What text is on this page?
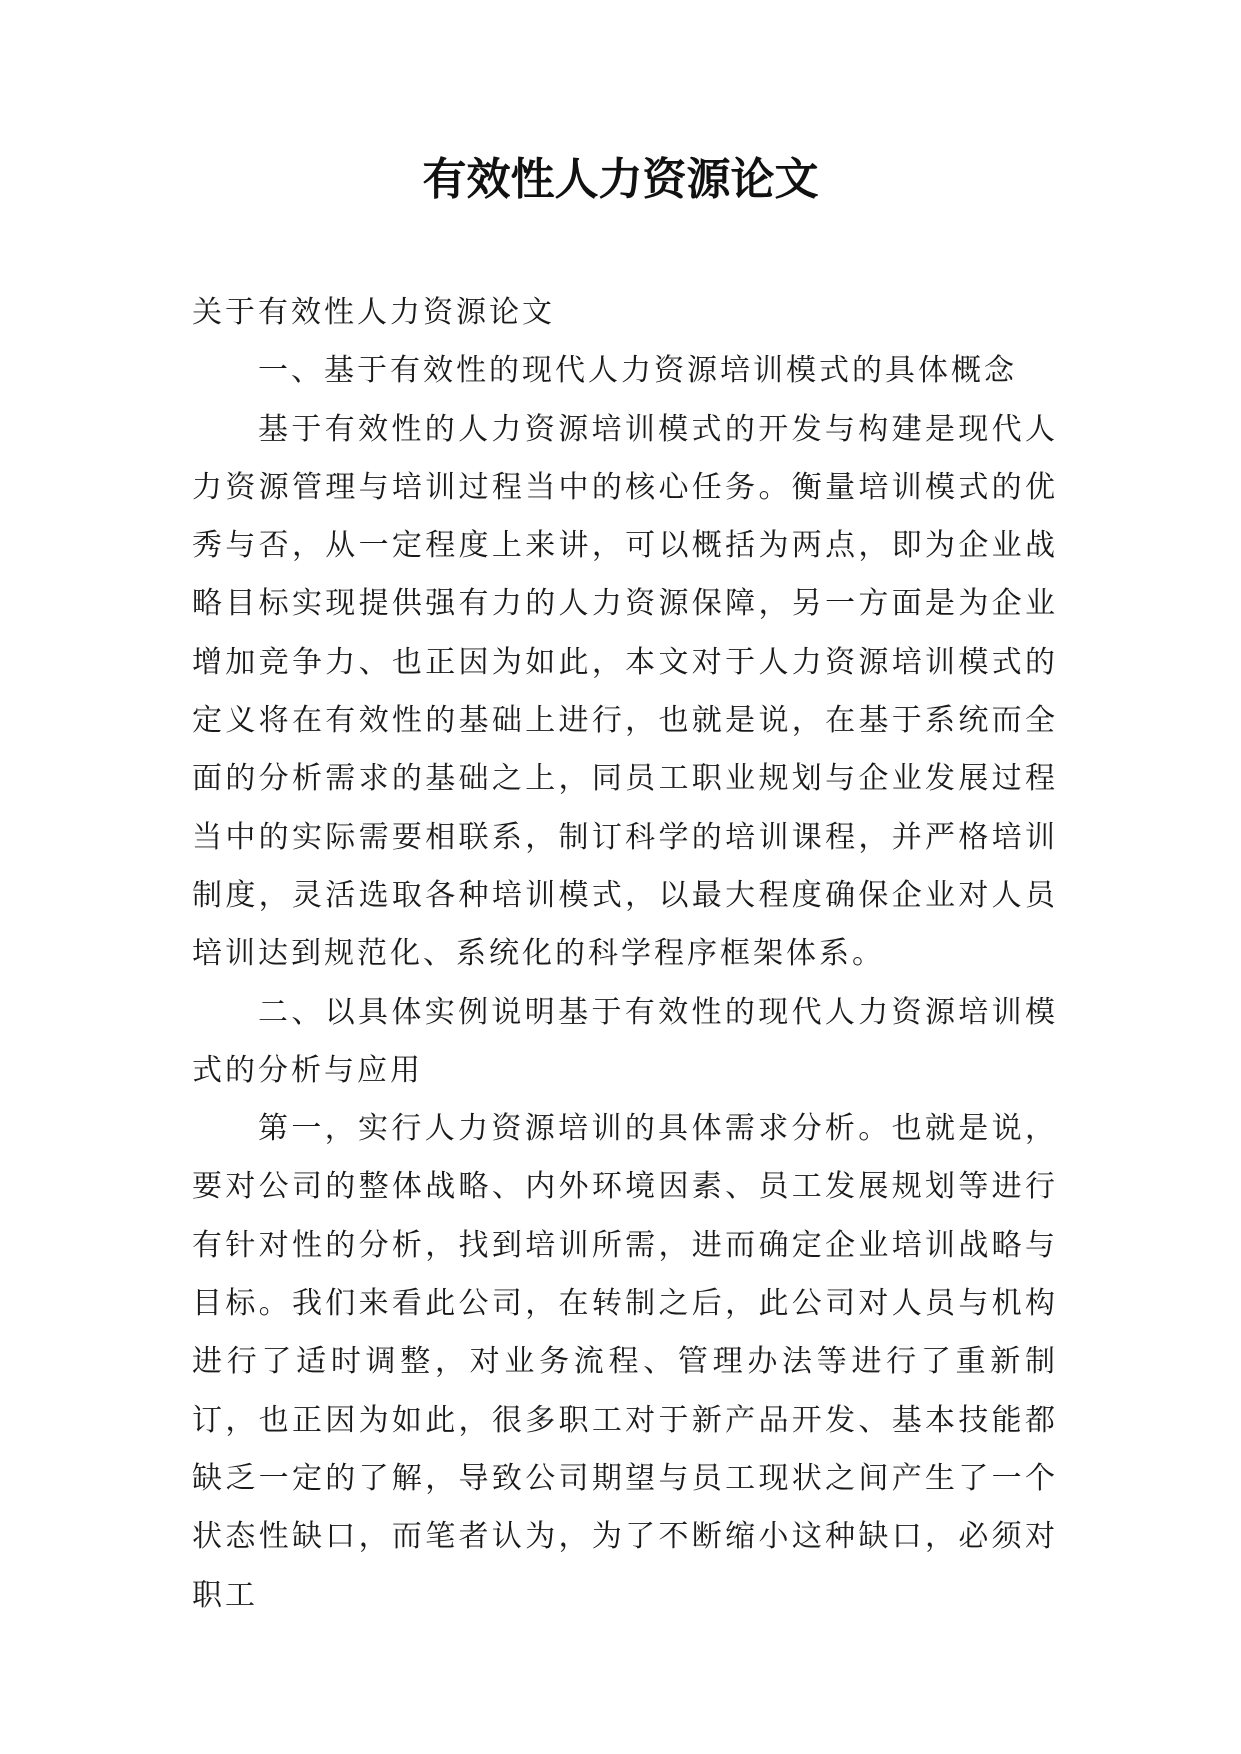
有效性人力资源论文

关于有效性人力资源论文

一、基于有效性的现代人力资源培训模式的具体概念

基于有效性的人力资源培训模式的开发与构建是现代人力资源管理与培训过程当中的核心任务。衡量培训模式的优秀与否，从一定程度上来讲，可以概括为两点，即为企业战略目标实现提供强有力的人力资源保障，另一方面是为企业增加竞争力、也正因为如此，本文对于人力资源培训模式的定义将在有效性的基础上进行，也就是说，在基于系统而全面的分析需求的基础之上，同员工职业规划与企业发展过程当中的实际需要相联系，制订科学的培训课程，并严格培训制度，灵活选取各种培训模式，以最大程度确保企业对人员培训达到规范化、系统化的科学程序框架体系。

二、以具体实例说明基于有效性的现代人力资源培训模式的分析与应用

第一，实行人力资源培训的具体需求分析。也就是说，要对公司的整体战略、内外环境因素、员工发展规划等进行有针对性的分析，找到培训所需，进而确定企业培训战略与目标。我们来看此公司，在转制之后，此公司对人员与机构进行了适时调整，对业务流程、管理办法等进行了重新制订，也正因为如此，很多职工对于新产品开发、基本技能都缺乏一定的了解，导致公司期望与员工现状之间产生了一个状态性缺口，而笔者认为，为了不断缩小这种缺口，必须对职工
